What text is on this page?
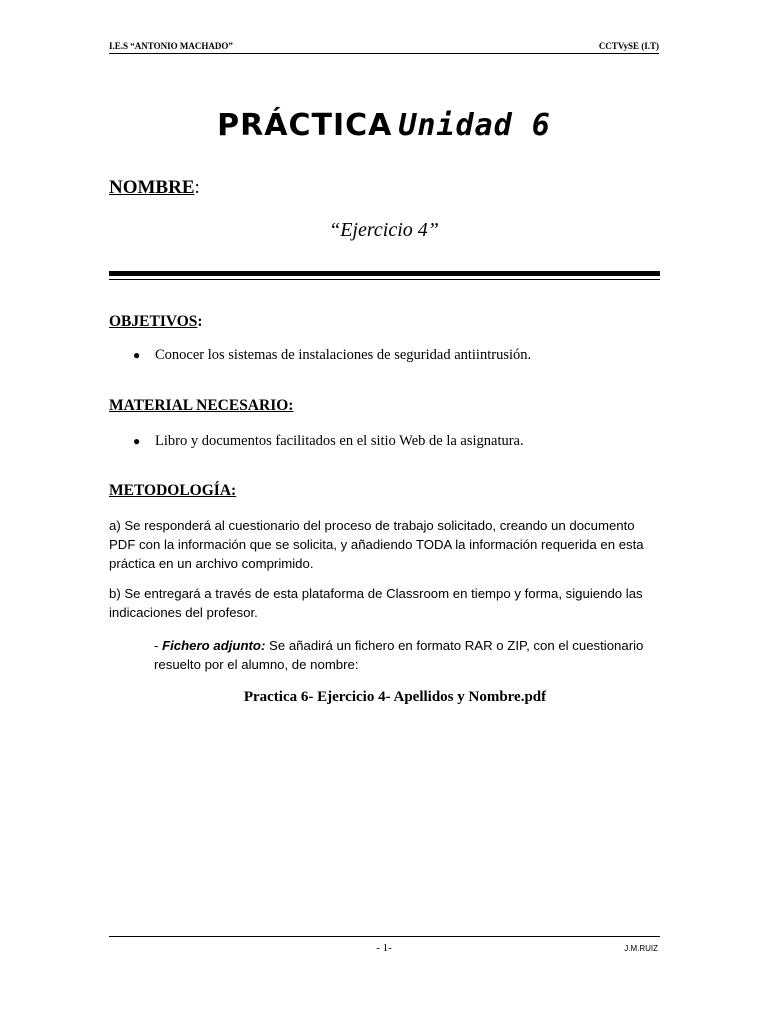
I.E.S “ANTONIO MACHADO”	CCTVySE (I.T)
PRÁCTICA Unidad 6
NOMBRE:
“Ejercicio 4”
OBJETIVOS:
●	Conocer los sistemas de instalaciones de seguridad antiintrusión.
MATERIAL NECESARIO:
●	Libro y documentos facilitados en el sitio Web de la asignatura.
METODOLOGÍA:
a) Se responderá al cuestionario del proceso de trabajo solicitado, creando un documento PDF con la información que se solicita, y añadiendo TODA la información requerida en esta práctica en un archivo comprimido.
b) Se entregará a través de esta plataforma de Classroom en tiempo y forma, siguiendo las indicaciones del profesor.
- Fichero adjunto: Se añadirá un fichero en formato RAR o ZIP, con el cuestionario resuelto por el alumno, de nombre:
Practica 6- Ejercicio 4- Apellidos y Nombre.pdf
- 1-	J.M.RUIZ
